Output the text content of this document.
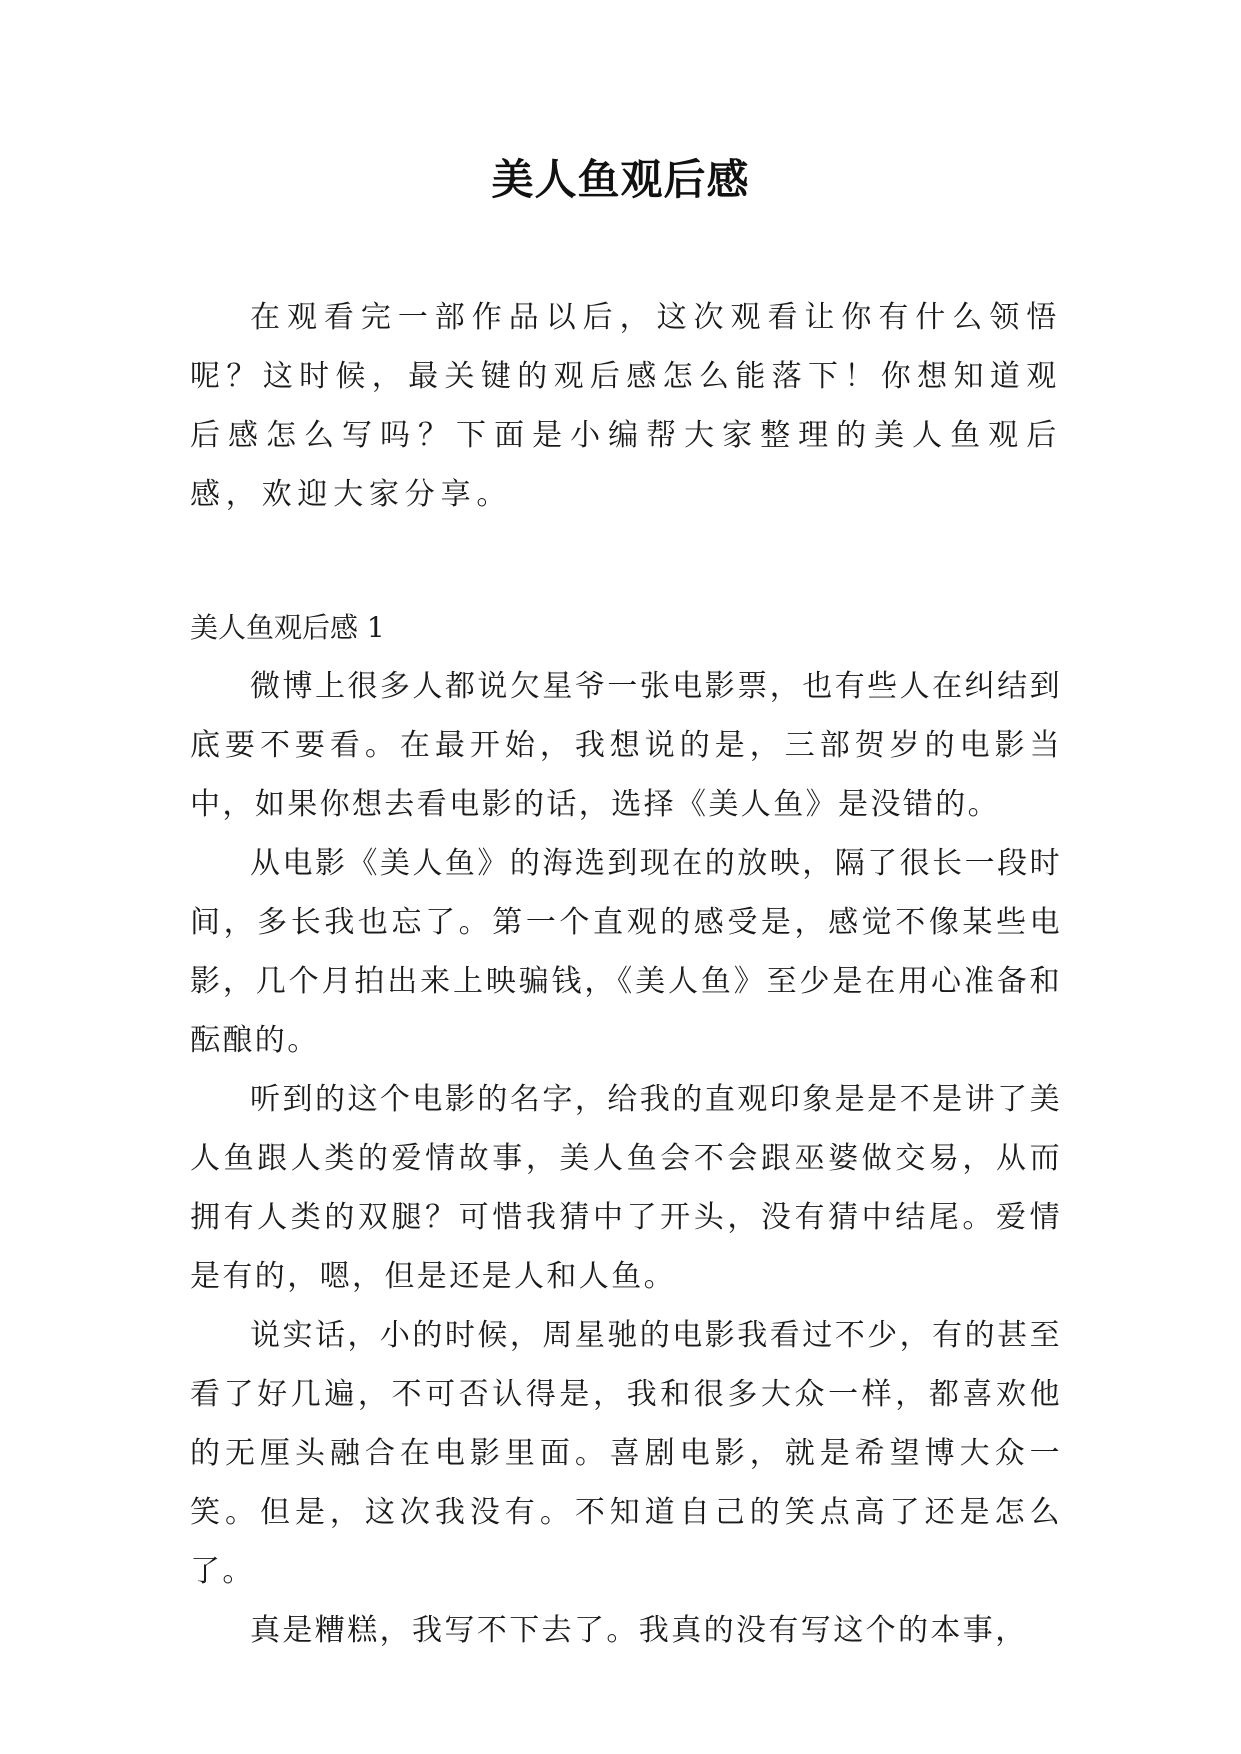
美人鱼观后感

在观看完一部作品以后，这次观看让你有什么领悟呢？这时候，最关键的观后感怎么能落下！你想知道观后感怎么写吗？下面是小编帮大家整理的美人鱼观后感，欢迎大家分享。

美人鱼观后感 1

微博上很多人都说欠星爷一张电影票，也有些人在纠结到底要不要看。在最开始，我想说的是，三部贺岁的电影当中，如果你想去看电影的话，选择《美人鱼》是没错的。

从电影《美人鱼》的海选到现在的放映，隔了很长一段时间，多长我也忘了。第一个直观的感受是，感觉不像某些电影，几个月拍出来上映骗钱，《美人鱼》至少是在用心准备和酝酿的。

听到的这个电影的名字，给我的直观印象是是不是讲了美人鱼跟人类的爱情故事，美人鱼会不会跟巫婆做交易，从而拥有人类的双腿？可惜我猜中了开头，没有猜中结尾。爱情是有的，嗯，但是还是人和人鱼。

说实话，小的时候，周星驰的电影我看过不少，有的甚至看了好几遍，不可否认得是，我和很多大众一样，都喜欢他的无厘头融合在电影里面。喜剧电影，就是希望博大众一笑。但是，这次我没有。不知道自己的笑点高了还是怎么了。

真是糟糕，我写不下去了。我真的没有写这个的本事，
